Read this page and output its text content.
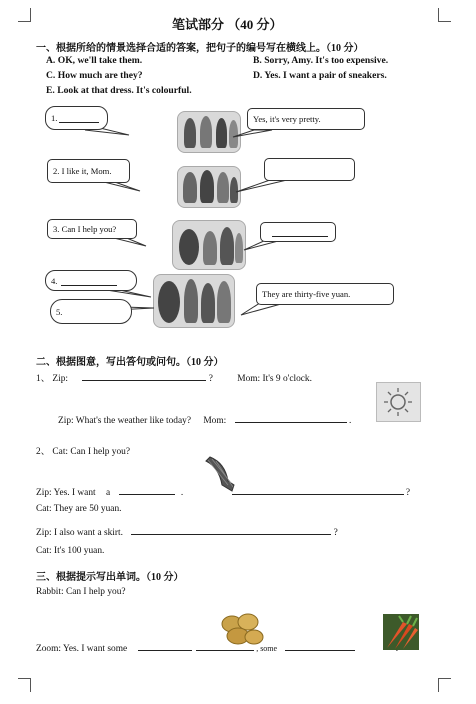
笔试部分 （40 分）
一、根据所给的情景选择合适的答案，把句子的编号写在横线上。（10 分）
A. OK, we'll take them.	B. Sorry, Amy. It's too expensive.
C. How much are they?	D. Yes. I want a pair of sneakers.
E. Look at that dress. It's colourful.
1.	Yes, it's very pretty.
2. I like it, Mom.
3. Can I help you?
4.
5.
They are thirty-five yuan.
二、根据图意，写出答句或问句。（10 分）
1、 Zip:	?	Mom: It's 9 o'clock.
Zip: What's the weather like today? Mom:	.
2、 Cat: Can I help you?
Zip: Yes. I want a	.	?
Cat: They are 50 yuan.
Zip: I also want a skirt.	?
Cat: It's 100 yuan.
三、根据提示写出单词。（10 分）
Rabbit: Can I help you?
Zoom: Yes. I want some	, some	.
